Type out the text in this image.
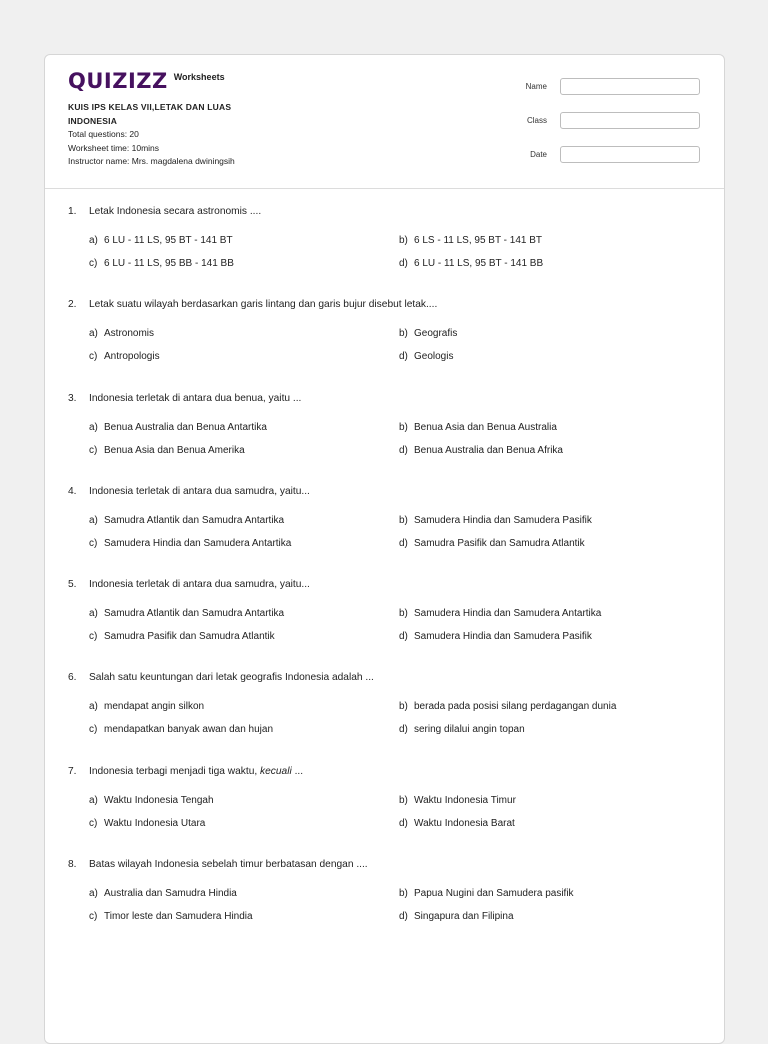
QUIZIZZ Worksheets
KUIS IPS KELAS VII,LETAK DAN LUAS INDONESIA
Total questions: 20
Worksheet time: 10mins
Instructor name: Mrs. magdalena dwiningsih
Name
Class
Date
1.	Letak Indonesia secara astronomis ....
a) 6 LU - 11 LS, 95 BT - 141 BT	b) 6 LS - 11 LS, 95 BT - 141 BT
c) 6 LU - 11 LS, 95 BB - 141 BB	d) 6 LU - 11 LS, 95 BT - 141 BB
2.	Letak suatu wilayah berdasarkan garis lintang dan garis bujur disebut letak....
a) Astronomis	b) Geografis
c) Antropologis	d) Geologis
3.	Indonesia terletak di antara dua benua, yaitu ...
a) Benua Australia dan Benua Antartika	b) Benua Asia dan Benua Australia
c) Benua Asia dan Benua Amerika	d) Benua Australia dan Benua Afrika
4.	Indonesia terletak di antara dua samudra, yaitu...
a) Samudra Atlantik dan Samudra Antartika	b) Samudera Hindia dan Samudera Pasifik
c) Samudera Hindia dan Samudera Antartika	d) Samudra Pasifik dan Samudra Atlantik
5.	Indonesia terletak di antara dua samudra, yaitu...
a) Samudra Atlantik dan Samudra Antartika	b) Samudera Hindia dan Samudera Antartika
c) Samudra Pasifik dan Samudra Atlantik	d) Samudera Hindia dan Samudera Pasifik
6.	Salah satu keuntungan dari letak geografis Indonesia adalah ...
a) mendapat angin silkon	b) berada pada posisi silang perdagangan dunia
c) mendapatkan banyak awan dan hujan	d) sering dilalui angin topan
7.	Indonesia terbagi menjadi tiga waktu, kecuali ...
a) Waktu Indonesia Tengah	b) Waktu Indonesia Timur
c) Waktu Indonesia Utara	d) Waktu Indonesia Barat
8.	Batas wilayah Indonesia sebelah timur berbatasan dengan ....
a) Australia dan Samudra Hindia	b) Papua Nugini dan Samudera pasifik
c) Timor leste dan Samudera Hindia	d) Singapura dan Filipina
